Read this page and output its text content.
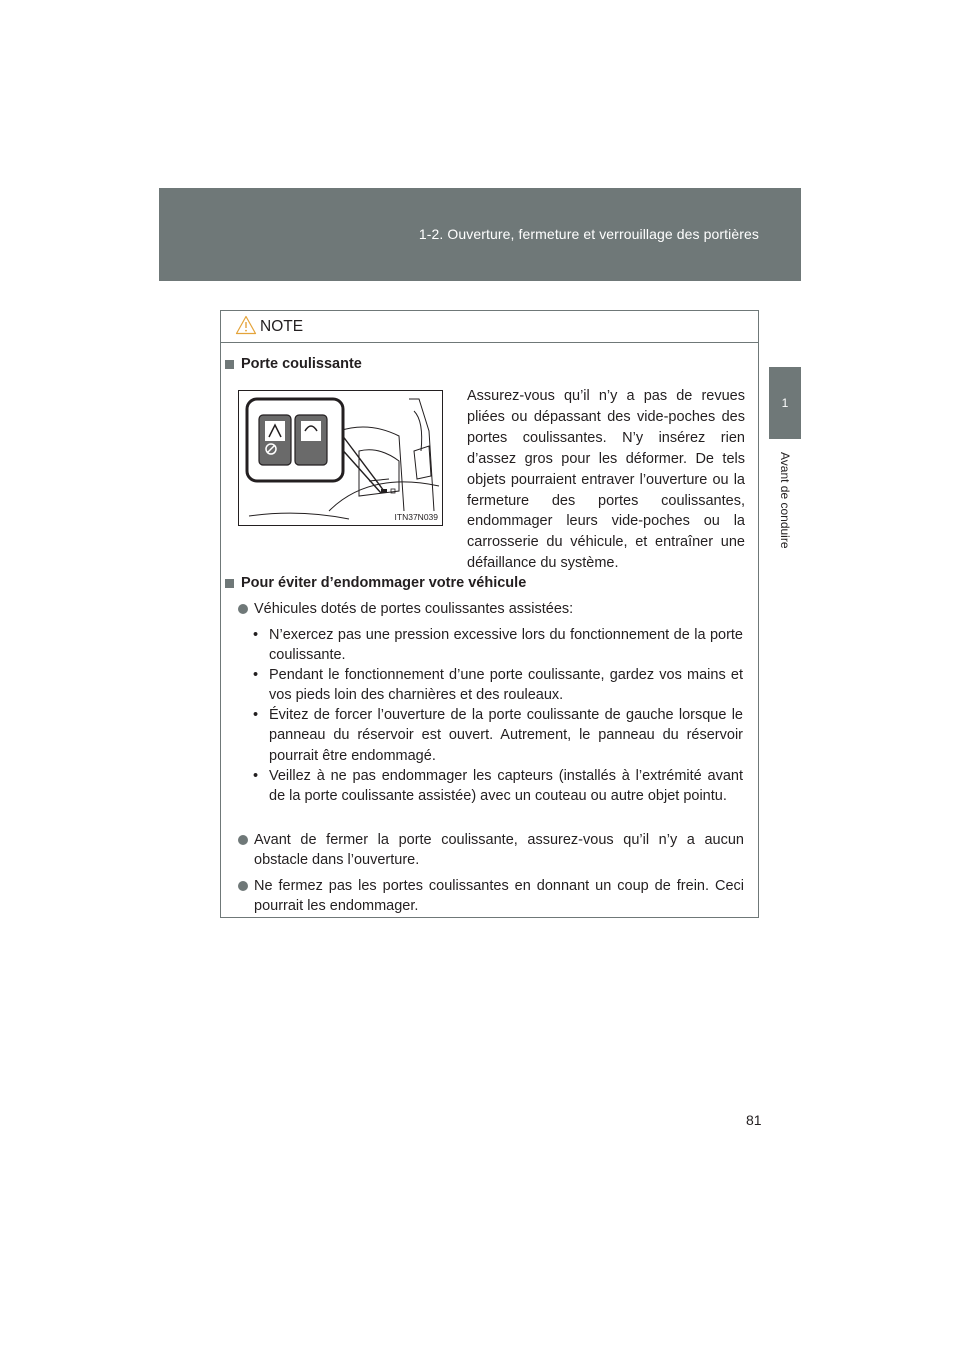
1-2. Ouverture, fermeture et verrouillage des portières
1
Avant de conduire
81
NOTE
Porte coulissante
ITN37N039
Assurez-vous qu’il n’y a pas de revues pliées ou dépassant des vide-poches des portes coulissantes. N’y insérez rien d’assez gros pour les déformer. De tels objets pourraient entraver l’ouverture ou la fermeture des portes coulissantes, endommager leurs vide-poches ou la carrosserie du véhicule, et entraîner une défaillance du système.
Pour éviter d’endommager votre véhicule
Véhicules dotés de portes coulissantes assistées:
• N’exercez pas une pression excessive lors du fonctionnement de la porte coulissante.
• Pendant le fonctionnement d’une porte coulissante, gardez vos mains et vos pieds loin des charnières et des rouleaux.
• Évitez de forcer l’ouverture de la porte coulissante de gauche lorsque le panneau du réservoir est ouvert. Autrement, le panneau du réservoir pourrait être endommagé.
• Veillez à ne pas endommager les capteurs (installés à l’extrémité avant de la porte coulissante assistée) avec un couteau ou autre objet pointu.
Avant de fermer la porte coulissante, assurez-vous qu’il n’y a aucun obstacle dans l’ouverture.
Ne fermez pas les portes coulissantes en donnant un coup de frein. Ceci pourrait les endommager.
